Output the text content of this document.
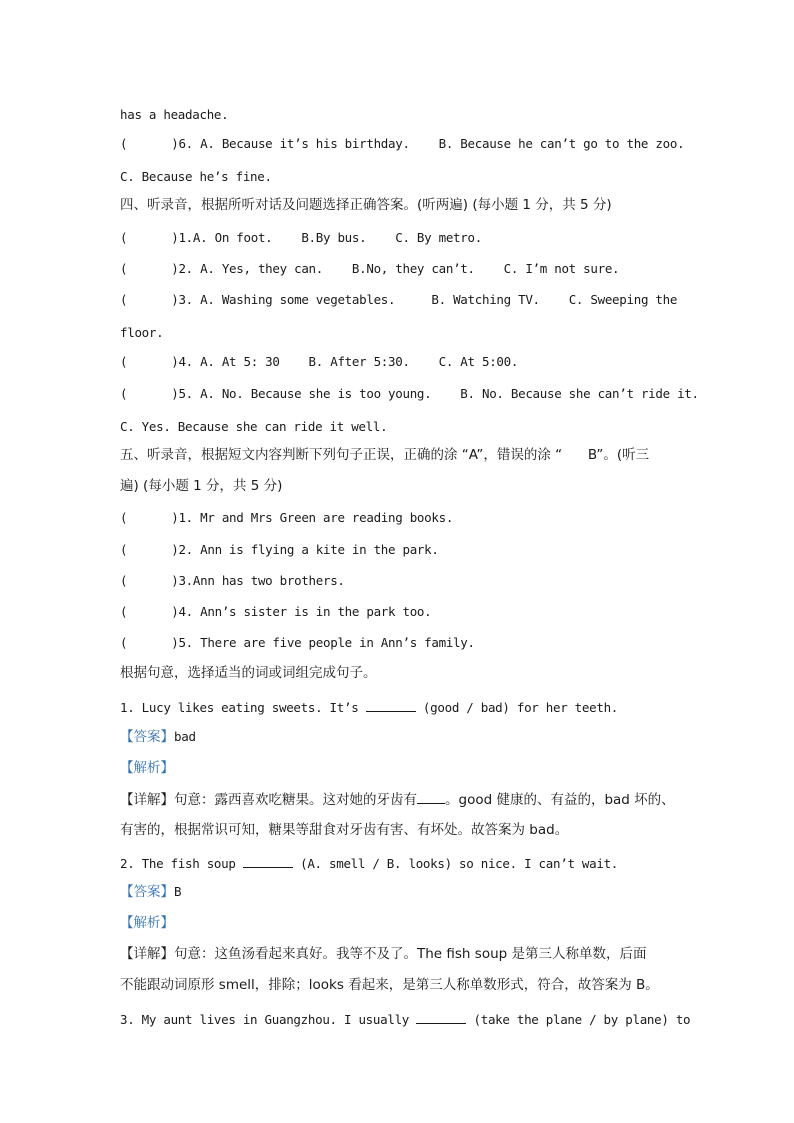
has a headache.
(	)6. A. Because it’s his birthday. B. Because he can’t go to the zoo.
C. Because he’s fine.
四、听录音，根据所听对话及问题选择正确答案。(听两遍) (每小题 1 分，共 5 分)
(	)1.A. On foot. B.By bus. C. By metro.
(	)2. A. Yes, they can. B.No, they can’t. C. I’m not sure.
(	)3. A. Washing some vegetables.	B. Watching TV. C. Sweeping the
floor.
(	)4. A. At 5: 30 B. After 5:30. C. At 5:00.
(	)5. A. No. Because she is too young. B. No. Because she can’t ride it.
C. Yes. Because she can ride it well.
五、听录音，根据短文内容判断下列句子正误，正确的涂 “A”，错误的涂 “      B”。(听三
遍) (每小题 1 分，共 5 分)
(	)1. Mr and Mrs Green are reading books.
(	)2. Ann is flying a kite in the park.
(	)3.Ann has two brothers.
(	)4. Ann’s sister is in the park too.
(	)5. There are five people in Ann’s family.
根据句意，选择适当的词或词组完成句子。
1. Lucy likes eating sweets. It’s	(good / bad) for her teeth.
【答案】bad
【解析】
【详解】句意：露西喜欢吃糖果。这对她的牙齿有 。good 健康的、有益的，bad 坏的、
有害的，根据常识可知，糖果等甜食对牙齿有害、有坏处。故答案为 bad。
2. The fish soup	(A. smell / B. looks) so nice. I can’t wait.
【答案】B
【解析】
【详解】句意：这鱼汤看起来真好。我等不及了。The fish soup 是第三人称单数，后面
不能跟动词原形 smell，排除；looks 看起来，是第三人称单数形式，符合，故答案为 B。
3. My aunt lives in Guangzhou. I usually	(take the plane / by plane) to
